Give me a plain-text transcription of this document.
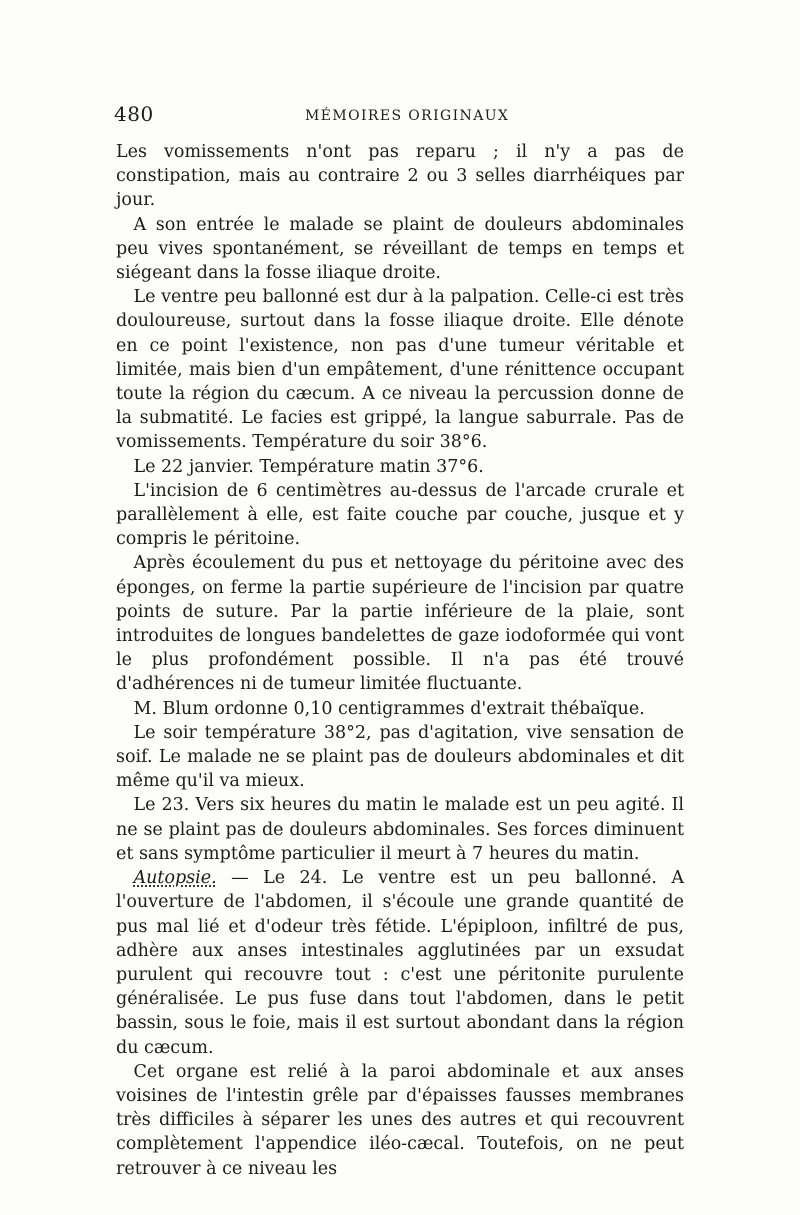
480	MÉMOIRES ORIGINAUX

Les vomissements n'ont pas reparu ; il n'y a pas de constipation, mais au contraire 2 ou 3 selles diarrhéiques par jour.

A son entrée le malade se plaint de douleurs abdominales peu vives spontanément, se réveillant de temps en temps et siégeant dans la fosse iliaque droite.

Le ventre peu ballonné est dur à la palpation. Celle-ci est très douloureuse, surtout dans la fosse iliaque droite. Elle dénote en ce point l'existence, non pas d'une tumeur véritable et limitée, mais bien d'un empâtement, d'une rénittence occupant toute la région du cæcum. A ce niveau la percussion donne de la submatité. Le facies est grippé, la langue saburrale. Pas de vomissements. Température du soir 38°6.

Le 22 janvier. Température matin 37°6.

L'incision de 6 centimètres au-dessus de l'arcade crurale et parallèlement à elle, est faite couche par couche, jusque et y compris le péritoine.

Après écoulement du pus et nettoyage du péritoine avec des éponges, on ferme la partie supérieure de l'incision par quatre points de suture. Par la partie inférieure de la plaie, sont introduites de longues bandelettes de gaze iodoformée qui vont le plus profondément possible. Il n'a pas été trouvé d'adhérences ni de tumeur limitée fluctuante.

M. Blum ordonne 0,10 centigrammes d'extrait thébaïque.

Le soir température 38°2, pas d'agitation, vive sensation de soif. Le malade ne se plaint pas de douleurs abdominales et dit même qu'il va mieux.

Le 23. Vers six heures du matin le malade est un peu agité. Il ne se plaint pas de douleurs abdominales. Ses forces diminuent et sans symptôme particulier il meurt à 7 heures du matin.

Autopsie. — Le 24. Le ventre est un peu ballonné. A l'ouverture de l'abdomen, il s'écoule une grande quantité de pus mal lié et d'odeur très fétide. L'épiploon, infiltré de pus, adhère aux anses intestinales agglutinées par un exsudat purulent qui recouvre tout : c'est une péritonite purulente généralisée. Le pus fuse dans tout l'abdomen, dans le petit bassin, sous le foie, mais il est surtout abondant dans la région du cæcum.

Cet organe est relié à la paroi abdominale et aux anses voisines de l'intestin grêle par d'épaisses fausses membranes très difficiles à séparer les unes des autres et qui recouvrent complètement l'appendice iléo-cæcal. Toutefois, on ne peut retrouver à ce niveau les
